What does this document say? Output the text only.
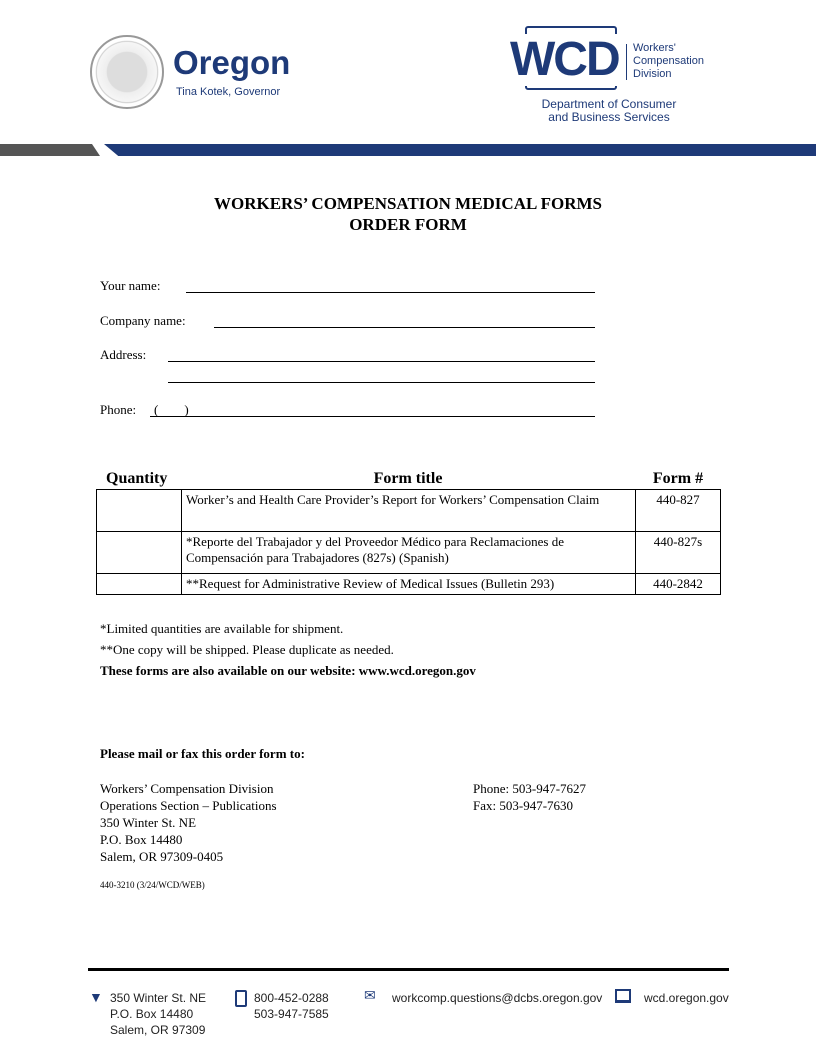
Oregon
Tina Kotek, Governor
WCD Workers'
Compensation
Division
Department of Consumer
and Business Services
WORKERS’ COMPENSATION MEDICAL FORMS
ORDER FORM
Your name:
Company name:
Address:
Phone: (        )
Quantity	Form title	Form #
	Worker’s and Health Care Provider’s Report for Workers’ Compensation Claim	440-827
	*Reporte del Trabajador y del Proveedor Médico para Reclamaciones de Compensación para Trabajadores (827s) (Spanish)	440-827s
	**Request for Administrative Review of Medical Issues (Bulletin 293)	440-2842
*Limited quantities are available for shipment.
**One copy will be shipped. Please duplicate as needed.
These forms are also available on our website: www.wcd.oregon.gov
Please mail or fax this order form to:
Workers’ Compensation Division
Operations Section – Publications
350 Winter St. NE
P.O. Box 14480
Salem, OR 97309-0405
Phone: 503-947-7627
Fax: 503-947-7630
440-3210 (3/24/WCD/WEB)
▼ 350 Winter St. NE
P.O. Box 14480
Salem, OR 97309
800-452-0288
503-947-7585
✉ workcomp.questions@dcbs.oregon.gov	wcd.oregon.gov
